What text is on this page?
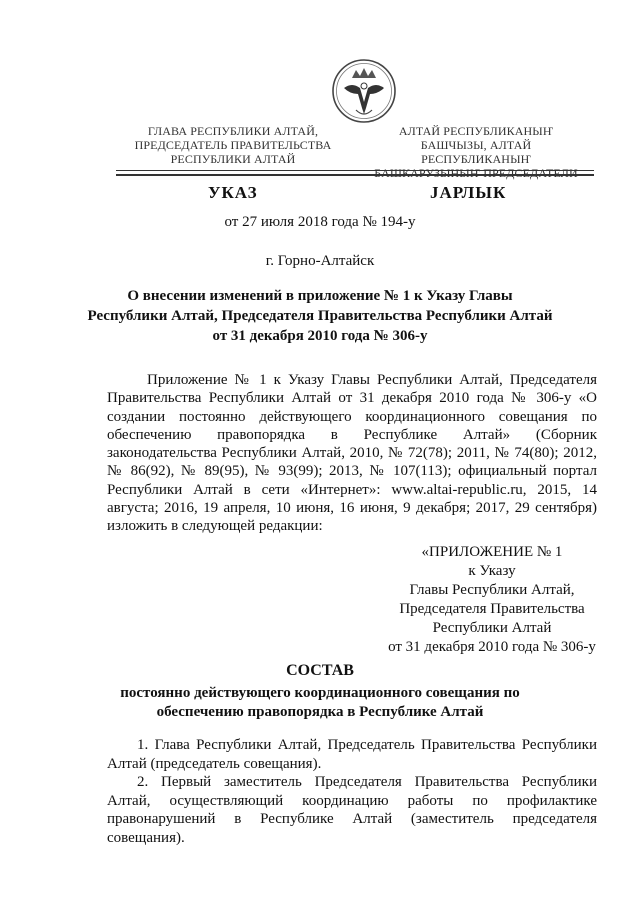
ГЛАВА РЕСПУБЛИКИ АЛТАЙ,
ПРЕДСЕДАТЕЛЬ ПРАВИТЕЛЬСТВА
РЕСПУБЛИКИ АЛТАЙ
АЛТАЙ РЕСПУБЛИКАНЫҤ
БАШЧЫЗЫ, АЛТАЙ РЕСПУБЛИКАНЫҤ
БАШКАРУЗЫНЫҤ ПРЕДСЕДАТЕЛИ
УКАЗ	JАРЛЫК
от 27 июля 2018 года № 194-у
г. Горно-Алтайск
О внесении изменений в приложение № 1 к Указу Главы
Республики Алтай, Председателя Правительства Республики Алтай
от 31 декабря 2010 года № 306-у
Приложение № 1 к Указу Главы Республики Алтай, Председателя Правительства Республики Алтай от 31 декабря 2010 года № 306-у «О создании постоянно действующего координационного совещания по обеспечению правопорядка в Республике Алтай» (Сборник законодательства Республики Алтай, 2010, № 72(78); 2011, № 74(80); 2012, № 86(92), № 89(95), № 93(99); 2013, № 107(113); официальный портал Республики Алтай в сети «Интернет»: www.altai-republic.ru, 2015, 14 августа; 2016, 19 апреля, 10 июня, 16 июня, 9 декабря; 2017, 29 сентября) изложить в следующей редакции:
«ПРИЛОЖЕНИЕ № 1
к Указу
Главы Республики Алтай,
Председателя Правительства
Республики Алтай
от 31 декабря 2010 года № 306-у
СОСТАВ
постоянно действующего координационного совещания по
обеспечению правопорядка в Республике Алтай
1. Глава Республики Алтай, Председатель Правительства Республики Алтай (председатель совещания).
2. Первый заместитель Председателя Правительства Республики Алтай, осуществляющий координацию работы по профилактике правонарушений в Республике Алтай (заместитель председателя совещания).
